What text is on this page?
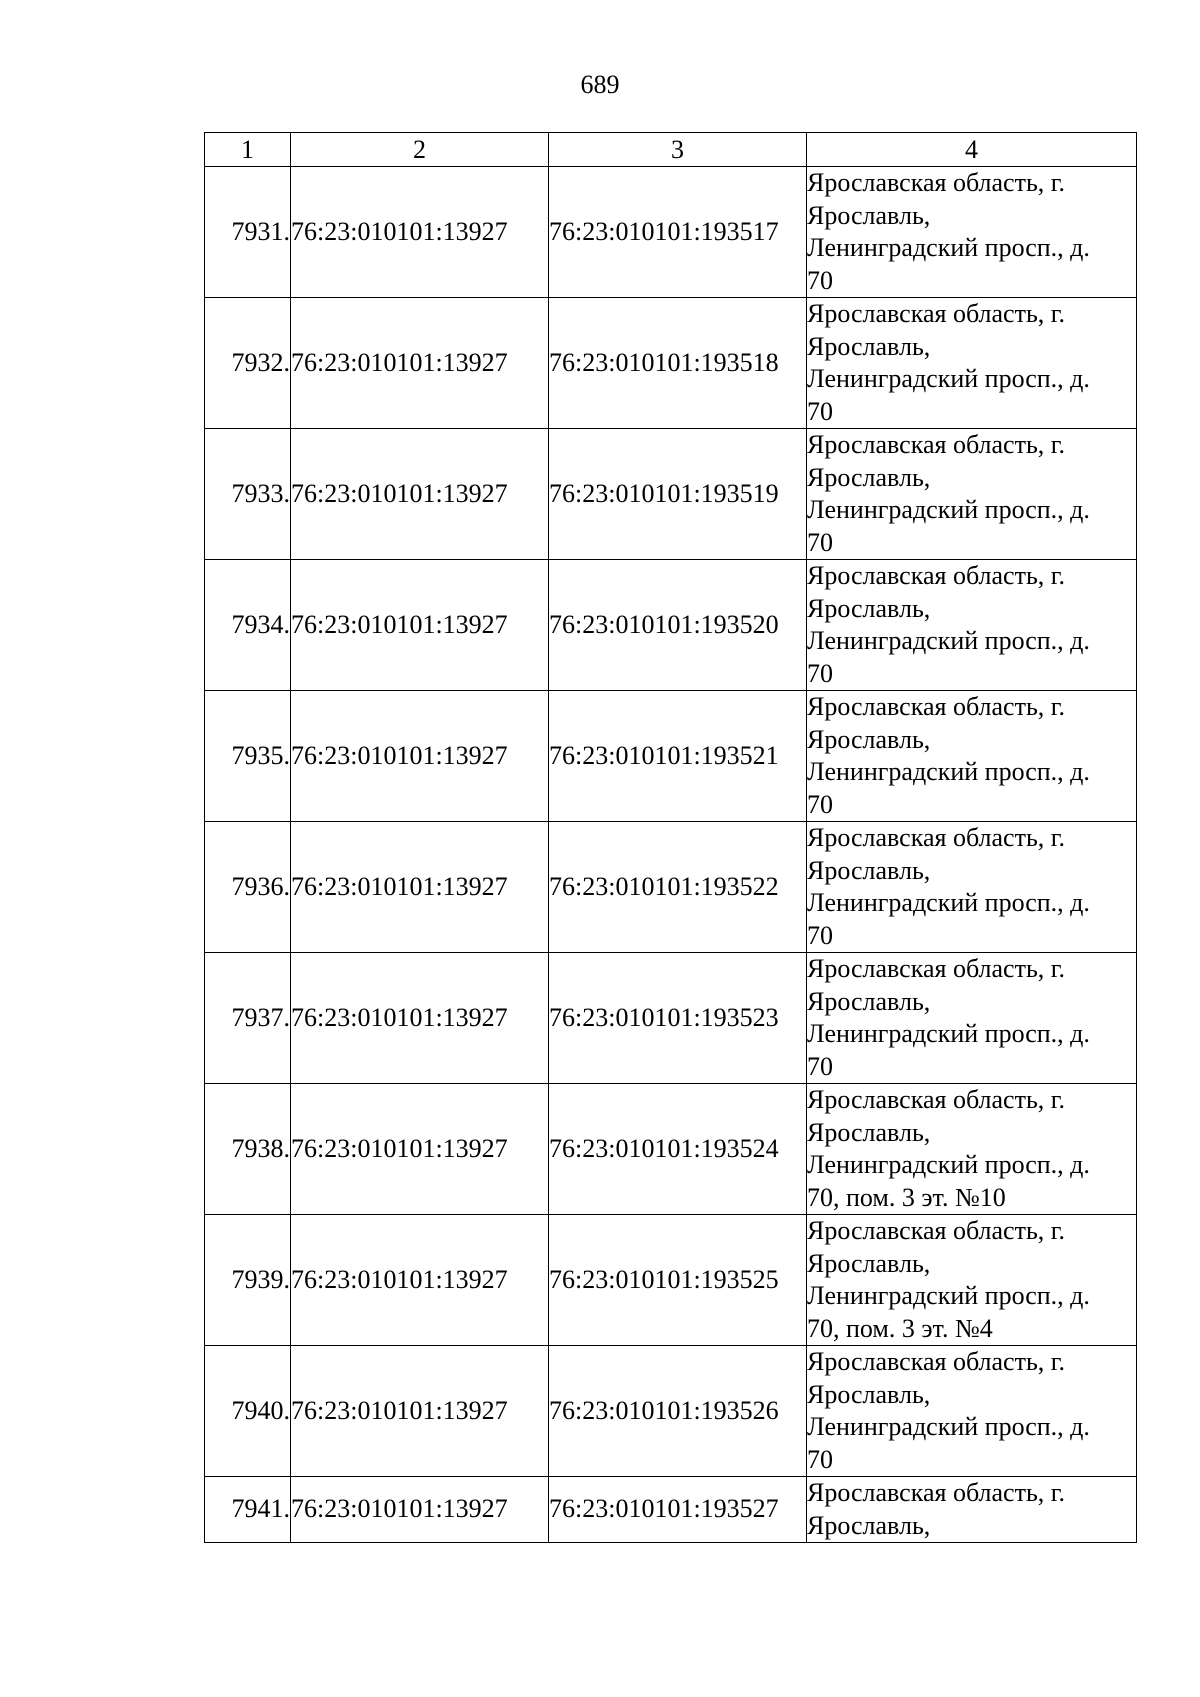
689
1	2	3	4
7931.	76:23:010101:13927	76:23:010101:193517	Ярославская область, г.
Ярославль,
Ленинградский просп., д.
70

7932.	76:23:010101:13927	76:23:010101:193518	Ярославская область, г.
Ярославль,
Ленинградский просп., д.
70

7933.	76:23:010101:13927	76:23:010101:193519	Ярославская область, г.
Ярославль,
Ленинградский просп., д.
70

7934.	76:23:010101:13927	76:23:010101:193520	Ярославская область, г.
Ярославль,
Ленинградский просп., д.
70

7935.	76:23:010101:13927	76:23:010101:193521	Ярославская область, г.
Ярославль,
Ленинградский просп., д.
70

7936.	76:23:010101:13927	76:23:010101:193522	Ярославская область, г.
Ярославль,
Ленинградский просп., д.
70

7937.	76:23:010101:13927	76:23:010101:193523	Ярославская область, г.
Ярославль,
Ленинградский просп., д.
70

7938.	76:23:010101:13927	76:23:010101:193524	Ярославская область, г.
Ярославль,
Ленинградский просп., д.
70, пом. 3 эт. №10

7939.	76:23:010101:13927	76:23:010101:193525	Ярославская область, г.
Ярославль,
Ленинградский просп., д.
70, пом. 3 эт. №4

7940.	76:23:010101:13927	76:23:010101:193526	Ярославская область, г.
Ярославль,
Ленинградский просп., д.
70

7941.	76:23:010101:13927	76:23:010101:193527	Ярославская область, г.
Ярославль,
